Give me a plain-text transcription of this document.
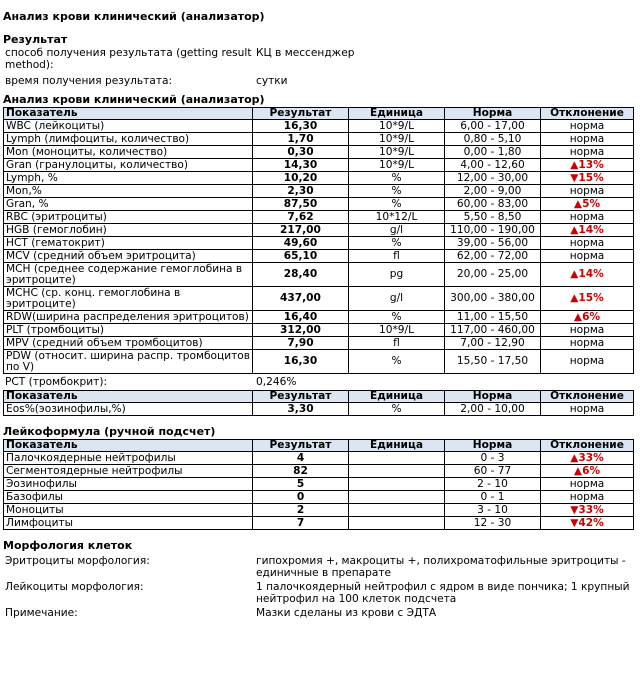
Анализ крови клинический (анализатор)
Результат
способ получения результата (getting result method):
КЦ в мессенджер
время получения результата:	сутки
Анализ крови клинический (анализатор)
Показатель	Результат	Единица	Норма	Отклонение
WBC (лейкоциты)	16,30	10*9/L	6,00 - 17,00	норма
Lymph (лимфоциты, количество)	1,70	10*9/L	0,80 - 5,10	норма
Mon (моноциты, количество)	0,30	10*9/L	0,00 - 1,80	норма
Gran (гранулоциты, количество)	14,30	10*9/L	4,00 - 12,60	▲13%
Lymph, %	10,20	%	12,00 - 30,00	▼15%
Mon,%	2,30	%	2,00 - 9,00	норма
Gran, %	87,50	%	60,00 - 83,00	▲5%
RBC (эритроциты)	7,62	10*12/L	5,50 - 8,50	норма
HGB (гемоглобин)	217,00	g/l	110,00 - 190,00	▲14%
HCT (гематокрит)	49,60	%	39,00 - 56,00	норма
MCV (средний объем эритроцита)	65,10	fl	62,00 - 72,00	норма
MCH (среднее содержание гемоглобина в эритроците)	28,40	pg	20,00 - 25,00	▲14%
MCHC (ср. конц. гемоглобина в эритроците)	437,00	g/l	300,00 - 380,00	▲15%
RDW(ширина распределения эритроцитов)	16,40	%	11,00 - 15,50	▲6%
PLT (тромбоциты)	312,00	10*9/L	117,00 - 460,00	норма
MPV (средний объем тромбоцитов)	7,90	fl	7,00 - 12,90	норма
PDW (относит. ширина распр. тромбоцитов по V)	16,30	%	15,50 - 17,50	норма
PCT (тромбокрит):	0,246%
Показатель	Результат	Единица	Норма	Отклонение
Eos%(эозинофилы,%)	3,30	%	2,00 - 10,00	норма
Лейкоформула (ручной подсчет)
Показатель	Результат	Единица	Норма	Отклонение
Палочкоядерные нейтрофилы	4		0 - 3	▲33%
Сегментоядерные нейтрофилы	82		60 - 77	▲6%
Эозинофилы	5		2 - 10	норма
Базофилы	0		0 - 1	норма
Моноциты	2		3 - 10	▼33%
Лимфоциты	7		12 - 30	▼42%
Морфология клеток
Эритроциты морфология:	гипохромия +, макроциты +, полихроматофильные эритроциты - единичные в препарате
Лейкоциты морфология:	1 палочкоядерный нейтрофил с ядром в виде пончика; 1 крупный нейтрофил на 100 клеток подсчета
Примечание:	Мазки сделаны из крови с ЭДТА
